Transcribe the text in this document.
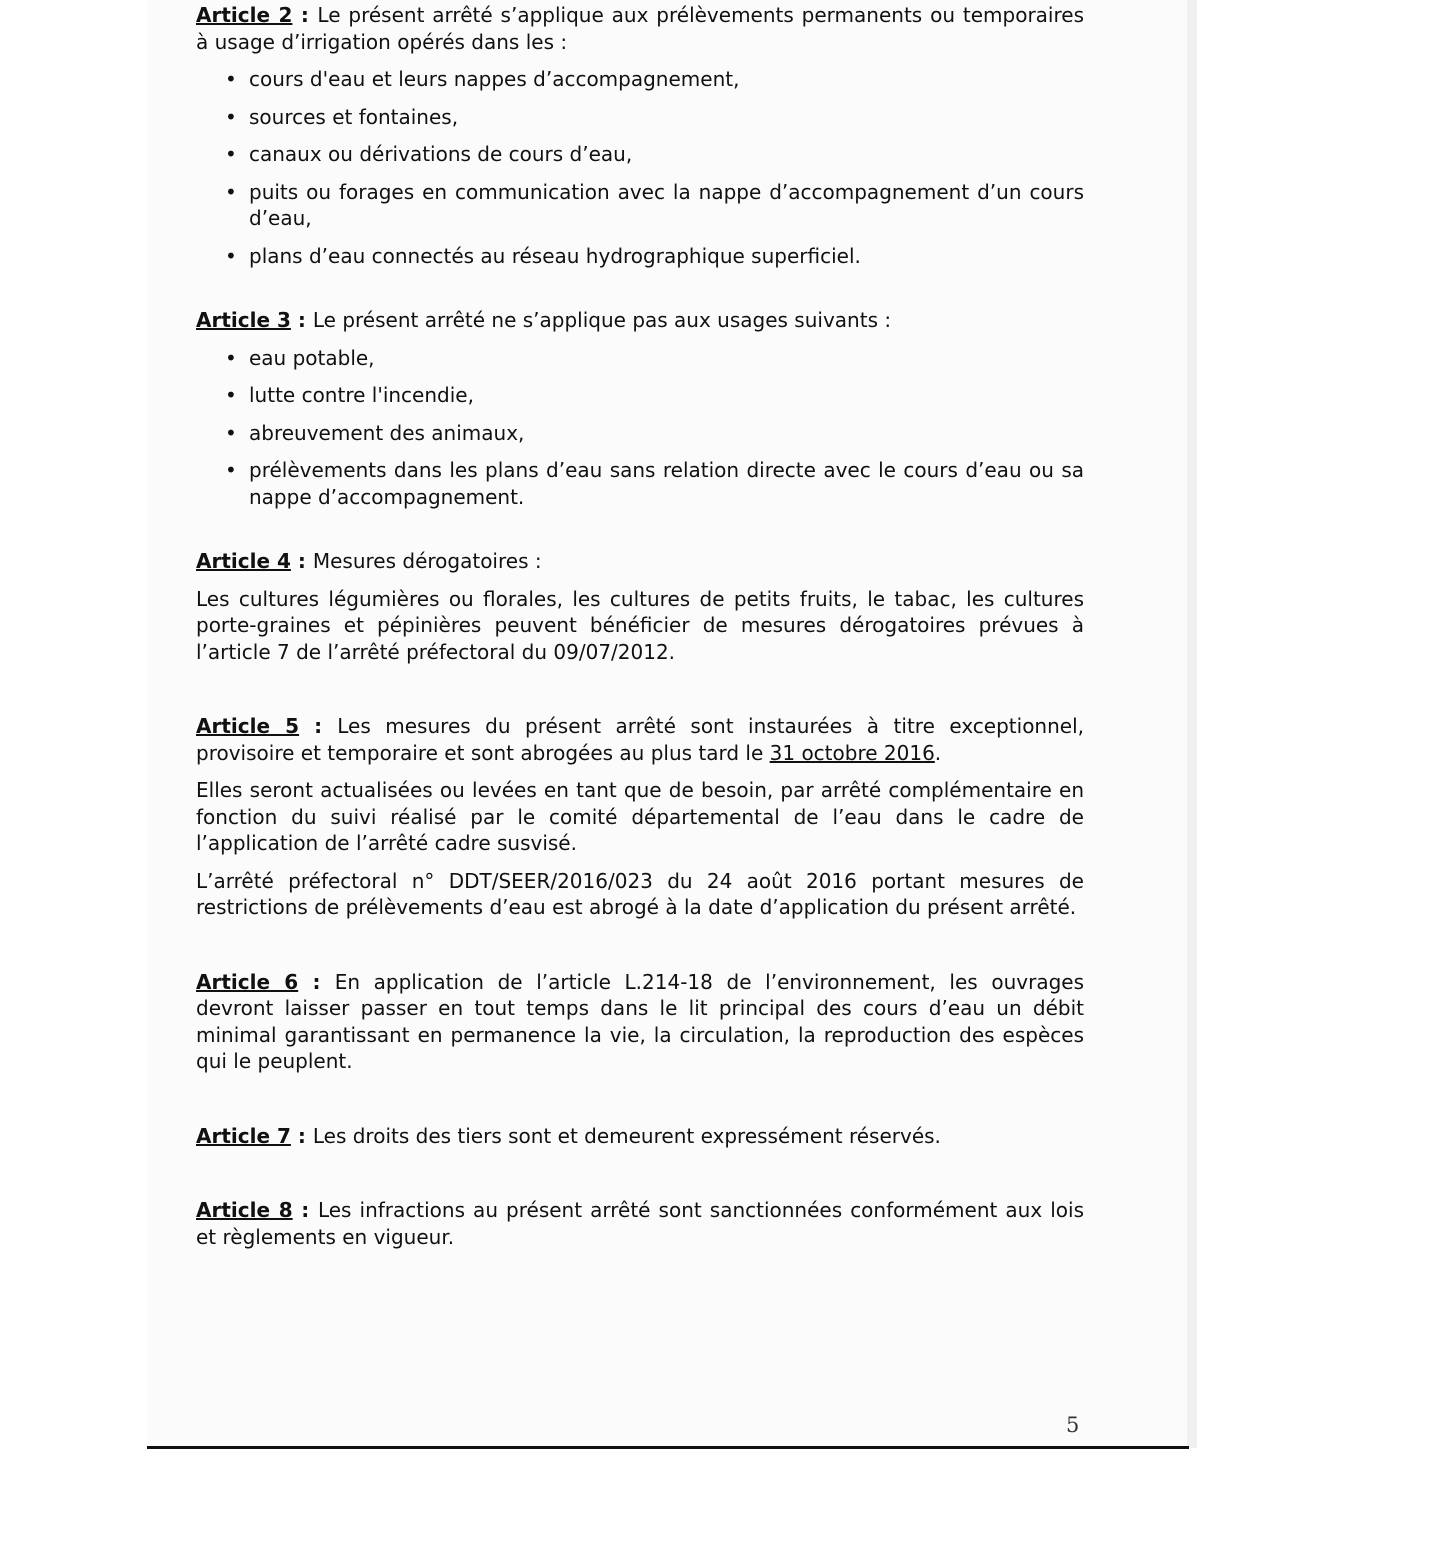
Article 2 : Le présent arrêté s’applique aux prélèvements permanents ou temporaires à usage d’irrigation opérés dans les :

• cours d'eau et leurs nappes d’accompagnement,
• sources et fontaines,
• canaux ou dérivations de cours d’eau,
• puits ou forages en communication avec la nappe d’accompagnement d’un cours d’eau,
• plans d’eau connectés au réseau hydrographique superficiel.

Article 3 : Le présent arrêté ne s’applique pas aux usages suivants :

• eau potable,
• lutte contre l'incendie,
• abreuvement des animaux,
• prélèvements dans les plans d’eau sans relation directe avec le cours d’eau ou sa nappe d’accompagnement.

Article 4 : Mesures dérogatoires :

Les cultures légumières ou florales, les cultures de petits fruits, le tabac, les cultures porte-graines et pépinières peuvent bénéficier de mesures dérogatoires prévues à l’article 7 de l’arrêté préfectoral du 09/07/2012.

Article 5 : Les mesures du présent arrêté sont instaurées à titre exceptionnel, provisoire et temporaire et sont abrogées au plus tard le 31 octobre 2016.

Elles seront actualisées ou levées en tant que de besoin, par arrêté complémentaire en fonction du suivi réalisé par le comité départemental de l’eau dans le cadre de l’application de l’arrêté cadre susvisé.

L’arrêté préfectoral n° DDT/SEER/2016/023 du 24 août 2016 portant mesures de restrictions de prélèvements d’eau est abrogé à la date d’application du présent arrêté.

Article 6 : En application de l’article L.214-18 de l’environnement, les ouvrages devront laisser passer en tout temps dans le lit principal des cours d’eau un débit minimal garantissant en permanence la vie, la circulation, la reproduction des espèces qui le peuplent.

Article 7 : Les droits des tiers sont et demeurent expressément réservés.

Article 8 : Les infractions au présent arrêté sont sanctionnées conformément aux lois et règlements en vigueur.

5
